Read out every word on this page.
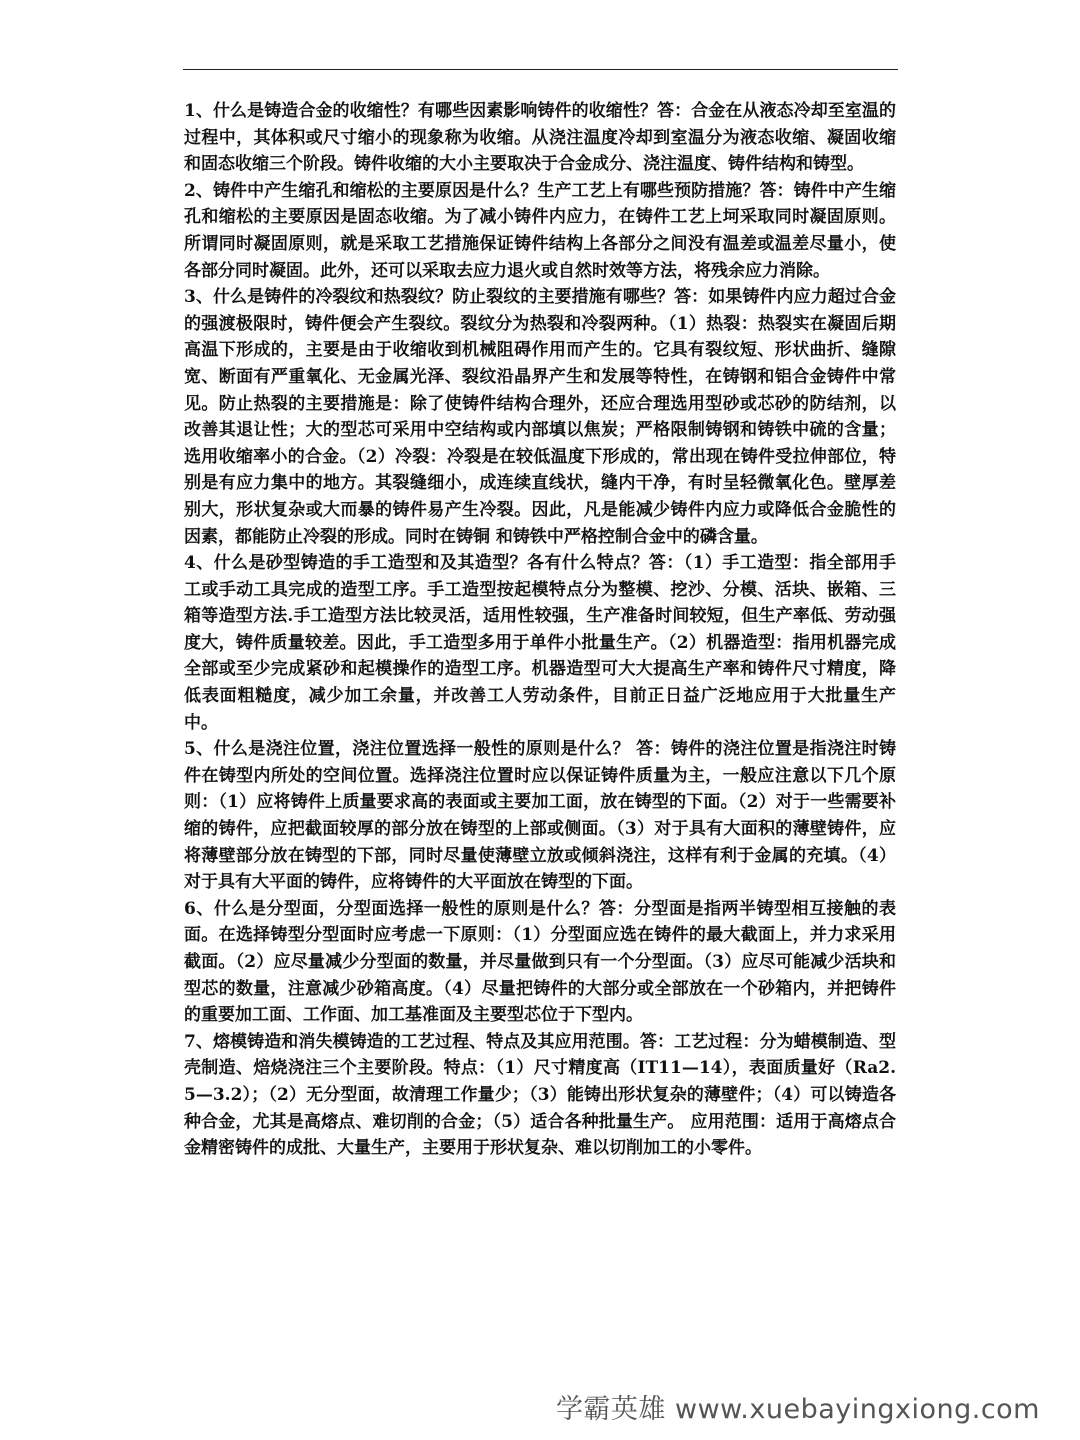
1、什么是铸造合金的收缩性？有哪些因素影响铸件的收缩性？答：合金在从液态冷却至室温的过程中，其体积或尺寸缩小的现象称为收缩。从浇注温度冷却到室温分为液态收缩、凝固收缩和固态收缩三个阶段。铸件收缩的大小主要取决于合金成分、浇注温度、铸件结构和铸型。

2、铸件中产生缩孔和缩松的主要原因是什么？生产工艺上有哪些预防措施？答：铸件中产生缩孔和缩松的主要原因是固态收缩。为了减小铸件内应力，在铸件工艺上坷采取同时凝固原则。所谓同时凝固原则，就是采取工艺措施保证铸件结构上各部分之间没有温差或温差尽量小，使各部分同时凝固。此外，还可以采取去应力退火或自然时效等方法，将残余应力消除。

3、什么是铸件的冷裂纹和热裂纹？防止裂纹的主要措施有哪些？答：如果铸件内应力超过合金的强渡极限时，铸件便会产生裂纹。裂纹分为热裂和冷裂两种。（1）热裂：热裂实在凝固后期高温下形成的，主要是由于收缩收到机械阻碍作用而产生的。它具有裂纹短、形状曲折、缝隙宽、断面有严重氧化、无金属光泽、裂纹沿晶界产生和发展等特性，在铸钢和铝合金铸件中常见。防止热裂的主要措施是：除了使铸件结构合理外，还应合理选用型砂或芯砂的防结剂，以改善其退让性；大的型芯可采用中空结构或内部填以焦炭；严格限制铸钢和铸铁中硫的含量；选用收缩率小的合金。（2）冷裂：冷裂是在较低温度下形成的，常出现在铸件受拉伸部位，特别是有应力集中的地方。其裂缝细小，成连续直线状，缝内干净，有时呈轻微氧化色。壁厚差别大，形状复杂或大而暴的铸件易产生冷裂。因此，凡是能减少铸件内应力或降低合金脆性的因素，都能防止冷裂的形成。同时在铸铜 和铸铁中严格控制合金中的磷含量。

4、什么是砂型铸造的手工造型和及其造型？各有什么特点？答：（1）手工造型：指全部用手工或手动工具完成的造型工序。手工造型按起模特点分为整模、挖沙、分模、活块、嵌箱、三箱等造型方法.手工造型方法比较灵活，适用性较强，生产准备时间较短，但生产率低、劳动强度大，铸件质量较差。因此，手工造型多用于单件小批量生产。（2）机器造型：指用机器完成全部或至少完成紧砂和起模操作的造型工序。机器造型可大大提高生产率和铸件尺寸精度，降低表面粗糙度，减少加工余量，并改善工人劳动条件，目前正日益广泛地应用于大批量生产中。

5、什么是浇注位置，浇注位置选择一般性的原则是什么？ 答：铸件的浇注位置是指浇注时铸件在铸型内所处的空间位置。选择浇注位置时应以保证铸件质量为主，一般应注意以下几个原则：（1）应将铸件上质量要求高的表面或主要加工面，放在铸型的下面。（2）对于一些需要补缩的铸件，应把截面较厚的部分放在铸型的上部或侧面。（3）对于具有大面积的薄壁铸件，应将薄壁部分放在铸型的下部，同时尽量使薄壁立放或倾斜浇注，这样有利于金属的充填。（4）对于具有大平面的铸件，应将铸件的大平面放在铸型的下面。

6、什么是分型面，分型面选择一般性的原则是什么？答：分型面是指两半铸型相互接触的表面。在选择铸型分型面时应考虑一下原则：（1）分型面应选在铸件的最大截面上，并力求采用截面。（2）应尽量减少分型面的数量，并尽量做到只有一个分型面。（3）应尽可能减少活块和型芯的数量，注意减少砂箱高度。（4）尽量把铸件的大部分或全部放在一个砂箱内，并把铸件的重要加工面、工作面、加工基准面及主要型芯位于下型内。

7、熔模铸造和消失模铸造的工艺过程、特点及其应用范围。答：工艺过程：分为蜡模制造、型壳制造、焙烧浇注三个主要阶段。特点：（1）尺寸精度高（IT11—14），表面质量好（Ra2.5—3.2）；（2）无分型面，故清理工作量少；（3）能铸出形状复杂的薄壁件；（4）可以铸造各种合金，尤其是高熔点、难切削的合金；（5）适合各种批量生产。 应用范围：适用于高熔点合金精密铸件的成批、大量生产，主要用于形状复杂、难以切削加工的小零件。

学霸英雄 www.xuebayingxiong.com
